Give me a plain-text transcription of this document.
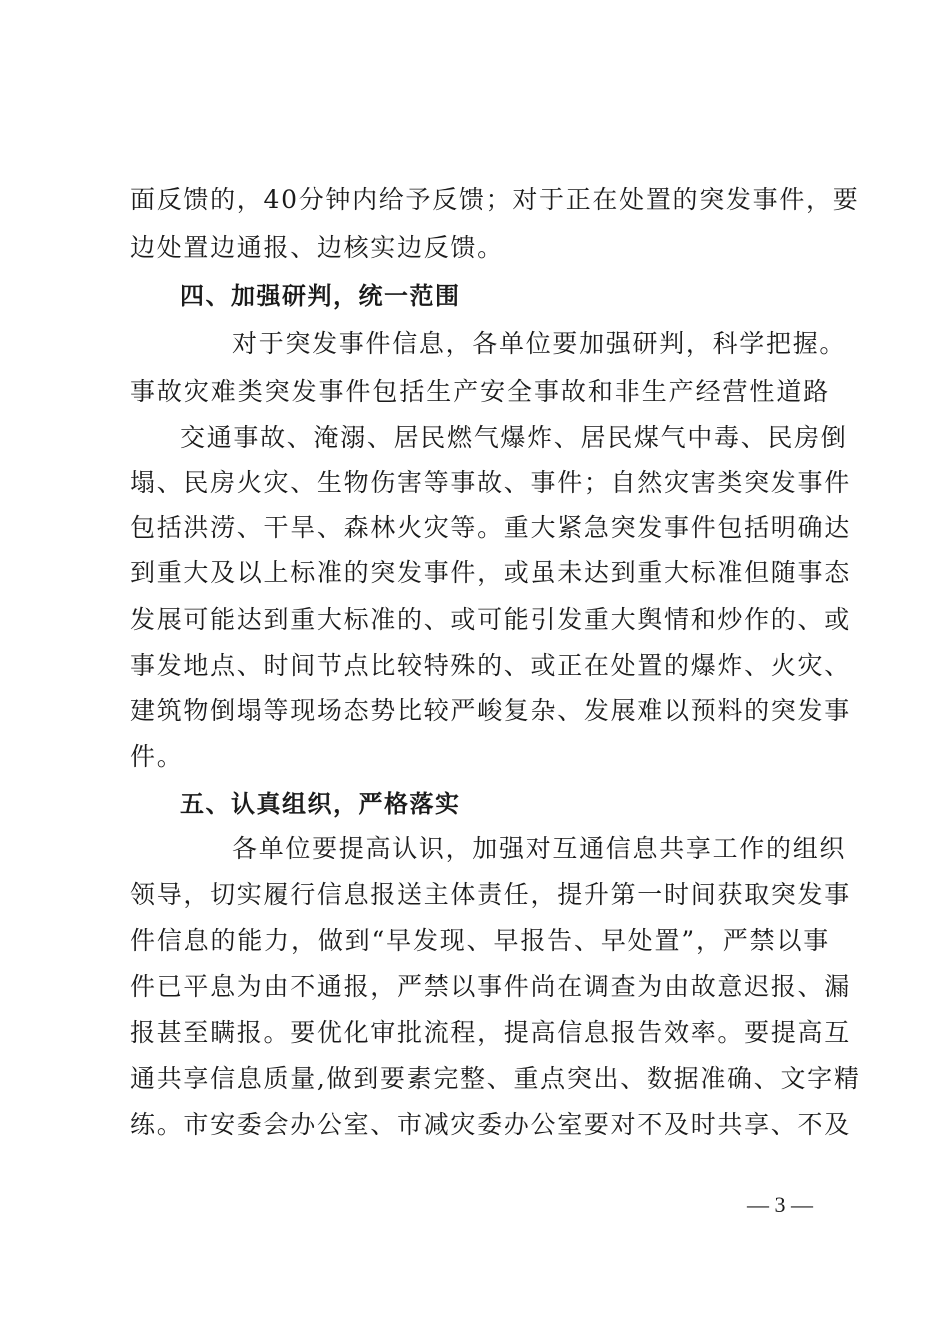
面反馈的，40分钟内给予反馈；对于正在处置的突发事件，要
边处置边通报、边核实边反馈。
四、加强研判，统一范围
对于突发事件信息，各单位要加强研判，科学把握。
事故灾难类突发事件包括生产安全事故和非生产经营性道路
交通事故、淹溺、居民燃气爆炸、居民煤气中毒、民房倒
塌、民房火灾、生物伤害等事故、事件；自然灾害类突发事件
包括洪涝、干旱、森林火灾等。重大紧急突发事件包括明确达
到重大及以上标准的突发事件，或虽未达到重大标准但随事态
发展可能达到重大标准的、或可能引发重大舆情和炒作的、或
事发地点、时间节点比较特殊的、或正在处置的爆炸、火灾、
建筑物倒塌等现场态势比较严峻复杂、发展难以预料的突发事
件。
五、认真组织，严格落实
各单位要提高认识，加强对互通信息共享工作的组织
领导，切实履行信息报送主体责任，提升第一时间获取突发事
件信息的能力，做到“早发现、早报告、早处置”，严禁以事
件已平息为由不通报，严禁以事件尚在调查为由故意迟报、漏
报甚至瞒报。要优化审批流程，提高信息报告效率。要提高互
通共享信息质量,做到要素完整、重点突出、数据准确、文字精
练。市安委会办公室、市减灾委办公室要对不及时共享、不及
— 3 —
